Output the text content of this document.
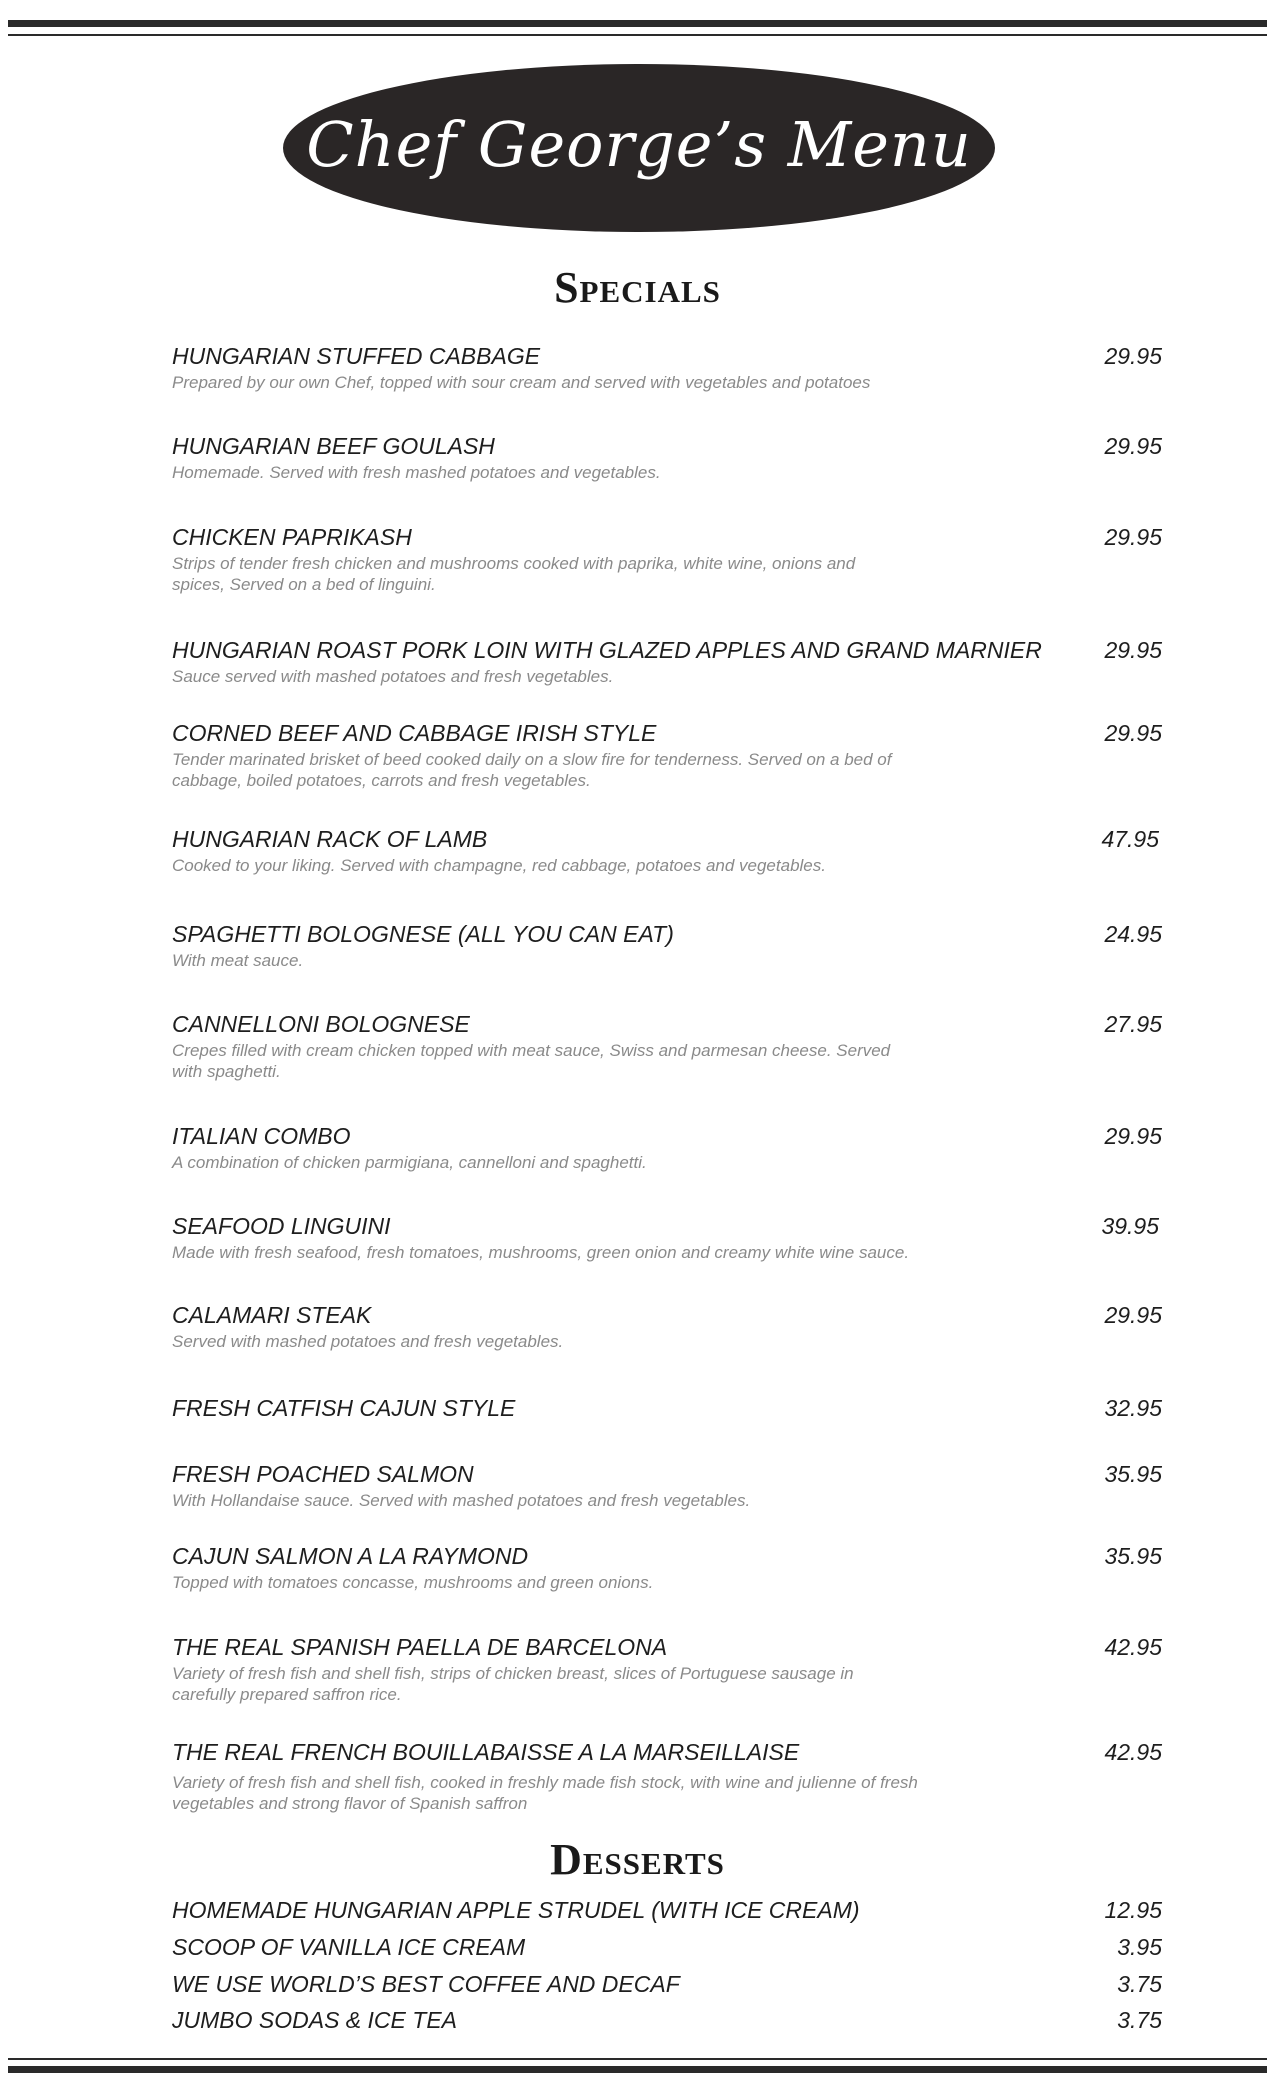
Chef George’s Menu
Specials
HUNGARIAN STUFFED CABBAGE	29.95
Prepared by our own Chef, topped with sour cream and served with vegetables and potatoes
HUNGARIAN BEEF GOULASH	29.95
Homemade. Served with fresh mashed potatoes and vegetables.
CHICKEN PAPRIKASH	29.95
Strips of tender fresh chicken and mushrooms cooked with paprika, white wine, onions and spices, Served on a bed of linguini.
HUNGARIAN ROAST PORK LOIN WITH GLAZED APPLES AND GRAND MARNIER	29.95
Sauce served with mashed potatoes and fresh vegetables.
CORNED BEEF AND CABBAGE IRISH STYLE	29.95
Tender marinated brisket of beed cooked daily on a slow fire for tenderness. Served on a bed of cabbage, boiled potatoes, carrots and fresh vegetables.
HUNGARIAN RACK OF LAMB	47.95
Cooked to your liking. Served with champagne, red cabbage, potatoes and vegetables.
SPAGHETTI BOLOGNESE (ALL YOU CAN EAT)	24.95
With meat sauce.
CANNELLONI BOLOGNESE	27.95
Crepes filled with cream chicken topped with meat sauce, Swiss and parmesan cheese. Served with spaghetti.
ITALIAN COMBO	29.95
A combination of chicken parmigiana, cannelloni and spaghetti.
SEAFOOD LINGUINI	39.95
Made with fresh seafood, fresh tomatoes, mushrooms, green onion and creamy white wine sauce.
CALAMARI STEAK	29.95
Served with mashed potatoes and fresh vegetables.
FRESH CATFISH CAJUN STYLE	32.95
FRESH POACHED SALMON	35.95
With Hollandaise sauce. Served with mashed potatoes and fresh vegetables.
CAJUN SALMON A LA RAYMOND	35.95
Topped with tomatoes concasse, mushrooms and green onions.
THE REAL SPANISH PAELLA DE BARCELONA	42.95
Variety of fresh fish and shell fish, strips of chicken breast, slices of Portuguese sausage in carefully prepared saffron rice.
THE REAL FRENCH BOUILLABAISSE A LA MARSEILLAISE	42.95
Variety of fresh fish and shell fish, cooked in freshly made fish stock, with wine and julienne of fresh vegetables and strong flavor of Spanish saffron
Desserts
HOMEMADE HUNGARIAN APPLE STRUDEL (WITH ICE CREAM)	12.95
SCOOP OF VANILLA ICE CREAM	3.95
WE USE WORLD’S BEST COFFEE AND DECAF	3.75
JUMBO SODAS & ICE TEA	3.75
